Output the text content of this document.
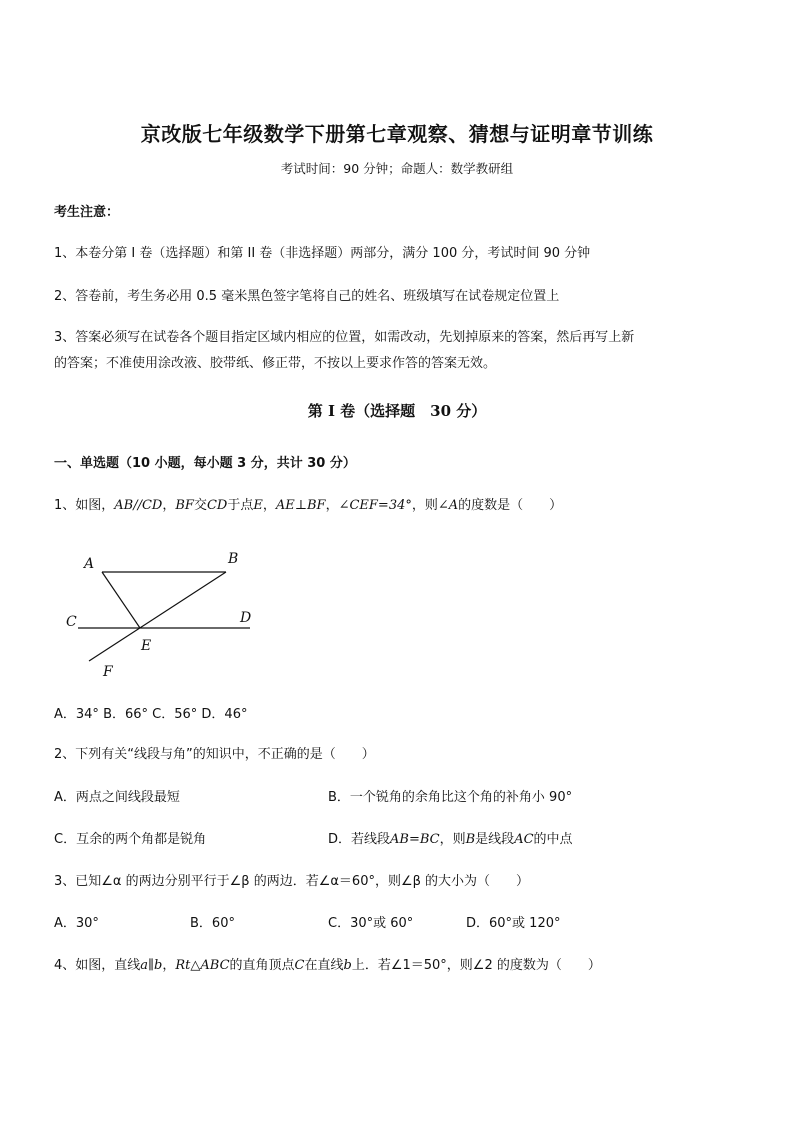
京改版七年级数学下册第七章观察、猜想与证明章节训练
考试时间：90 分钟；命题人：数学教研组
考生注意：
1、本卷分第 I 卷（选择题）和第 II 卷（非选择题）两部分，满分 100 分，考试时间 90 分钟
2、答卷前，考生务必用 0.5 毫米黑色签字笔将自己的姓名、班级填写在试卷规定位置上
3、答案必须写在试卷各个题目指定区域内相应的位置，如需改动，先划掉原来的答案，然后再写上新
的答案；不准使用涂改液、胶带纸、修正带，不按以上要求作答的答案无效。
第 I 卷（选择题　30 分）
一、单选题（10 小题，每小题 3 分，共计 30 分）
1、如图，AB//CD，BF交CD于点E，AE⊥BF，∠CEF=34°，则∠A的度数是（　　）
A	B
C	D
E
F
A．34° B．66° C．56° D．46°
2、下列有关“线段与角”的知识中，不正确的是（　　）
A．两点之间线段最短	B．一个锐角的余角比这个角的补角小 90°
C．互余的两个角都是锐角	D．若线段AB=BC，则B是线段AC的中点
3、已知∠α 的两边分别平行于∠β 的两边．若∠α＝60°，则∠β 的大小为（　　）
A．30°	B．60°	C．30°或 60°	D．60°或 120°
4、如图，直线a∥b，Rt△ABC的直角顶点C在直线b上．若∠1＝50°，则∠2 的度数为（　　）
